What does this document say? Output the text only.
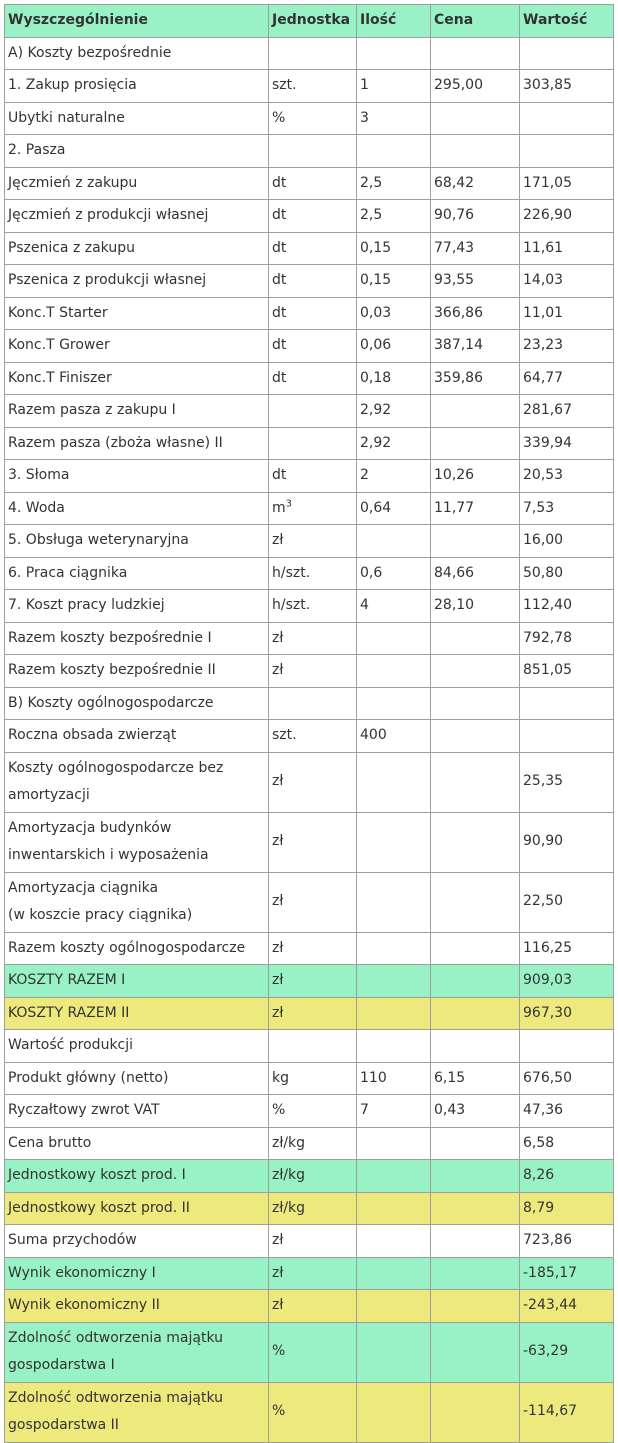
Wyszczególnienie	Jednostka	Ilość	Cena	Wartość
A) Koszty bezpośrednie				
1. Zakup prosięcia	szt.	1	295,00	303,85
Ubytki naturalne	%	3		
2. Pasza				
Jęczmień z zakupu	dt	2,5	68,42	171,05
Jęczmień z produkcji własnej	dt	2,5	90,76	226,90
Pszenica z zakupu	dt	0,15	77,43	11,61
Pszenica z produkcji własnej	dt	0,15	93,55	14,03
Konc.T Starter	dt	0,03	366,86	11,01
Konc.T Grower	dt	0,06	387,14	23,23
Konc.T Finiszer	dt	0,18	359,86	64,77
Razem pasza z zakupu I		2,92		281,67
Razem pasza (zboża własne) II		2,92		339,94
3. Słoma	dt	2	10,26	20,53
4. Woda	$m^3$	0,64	11,77	7,53
5. Obsługa weterynaryjna	zł			16,00
6. Praca ciągnika	h/szt.	0,6	84,66	50,80
7. Koszt pracy ludzkiej	h/szt.	4	28,10	112,40
Razem koszty bezpośrednie I	zł			792,78
Razem koszty bezpośrednie II	zł			851,05
B) Koszty ogólnogospodarcze				
Roczna obsada zwierząt	szt.	400		
Koszty ogólnogospodarcze bez
amortyzacji	zł			25,35
Amortyzacja budynków
inwentarskich i wyposażenia	zł			90,90
Amortyzacja ciągnika
(w koszcie pracy ciągnika)	zł			22,50
Razem koszty ogólnogospodarcze	zł			116,25
KOSZTY RAZEM I	zł			909,03
KOSZTY RAZEM II	zł			967,30
Wartość produkcji				
Produkt główny (netto)	kg	110	6,15	676,50
Ryczałtowy zwrot VAT	%	7	0,43	47,36
Cena brutto	zł/kg			6,58
Jednostkowy koszt prod. I	zł/kg			8,26
Jednostkowy koszt prod. II	zł/kg			8,79
Suma przychodów	zł			723,86
Wynik ekonomiczny I	zł			-185,17
Wynik ekonomiczny II	zł			-243,44
Zdolność odtworzenia majątku
gospodarstwa I	%			-63,29
Zdolność odtworzenia majątku
gospodarstwa II	%			-114,67
